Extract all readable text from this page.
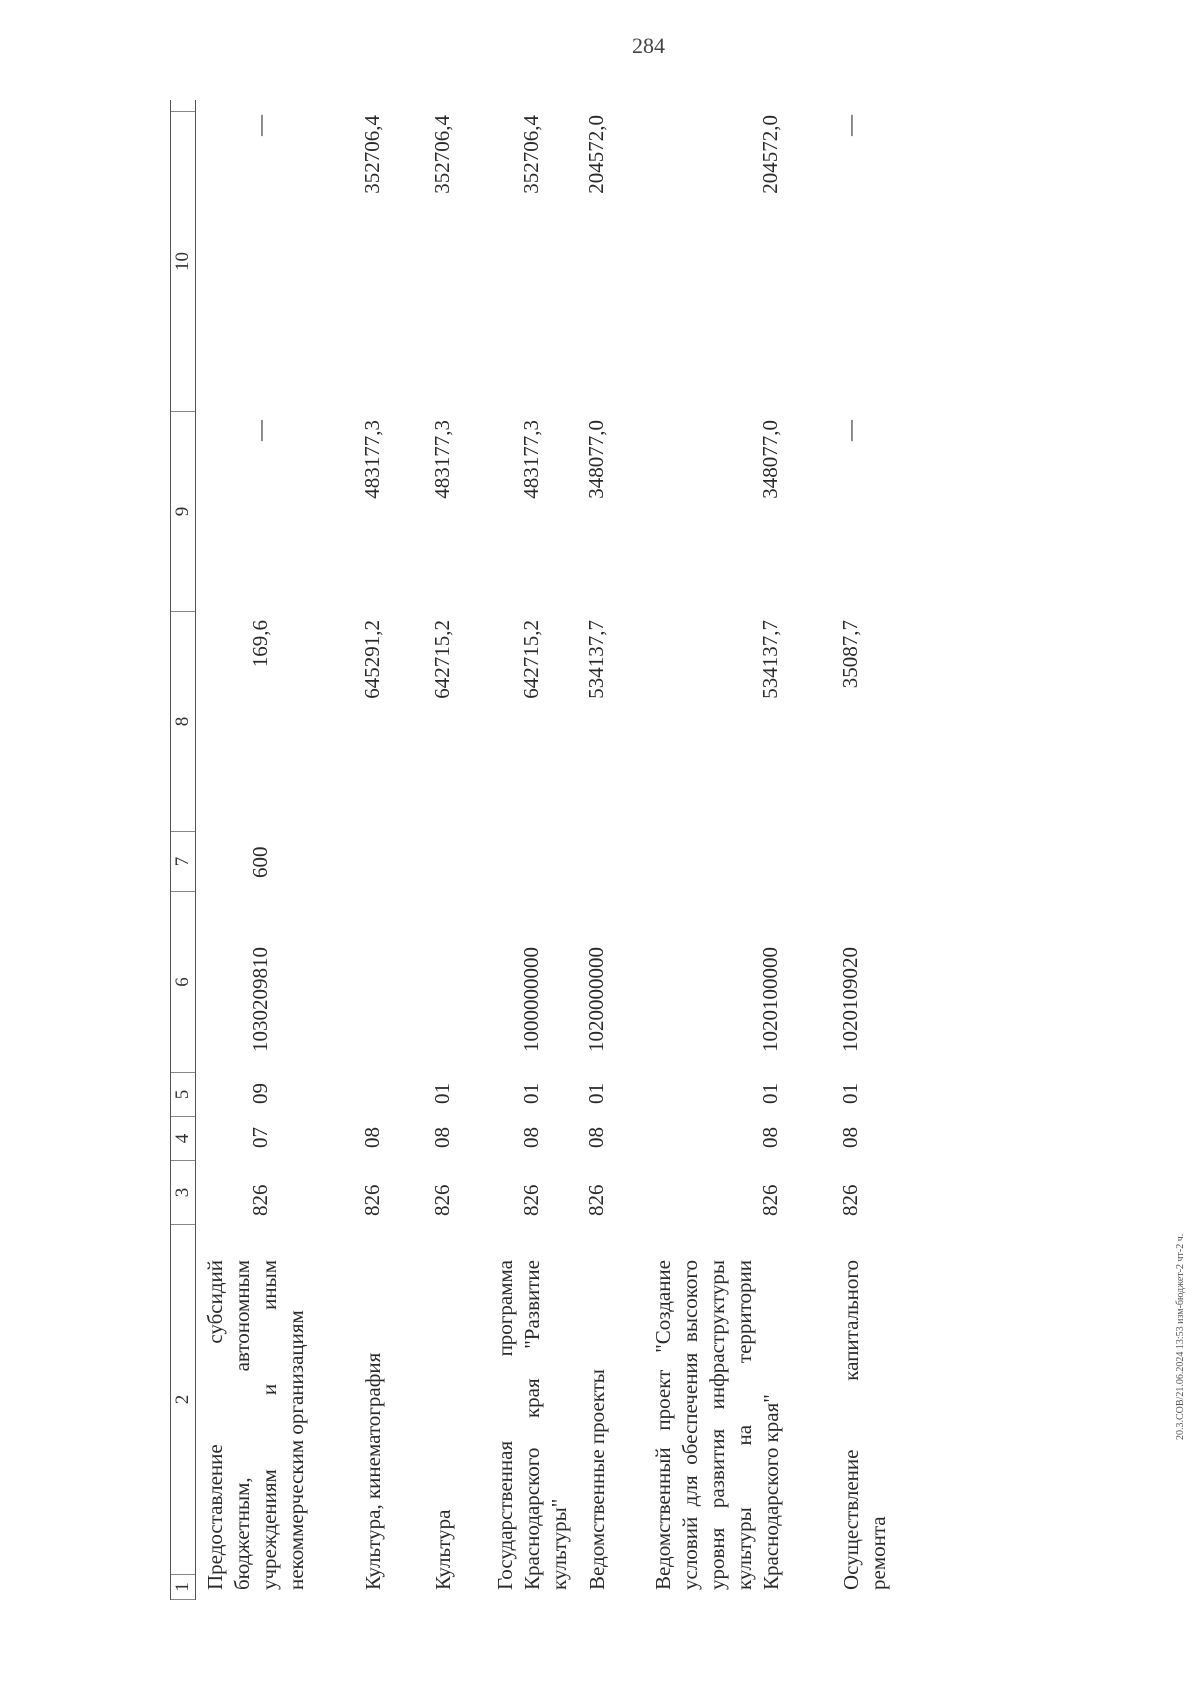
284
20.3.СОВ/21.06.2024 13:53 изм-бюджет-2 чт-2 ч.
1
2
3
4
5
6
7
8
9
10
Предоставление субсидий бюджетным, автономным учреждениям и иным некоммерческим организациям
826
07
09
1030209810
600
169,6
—
—
Культура, кинематография
826
08
645291,2
483177,3
352706,4
Культура
826
08
01
642715,2
483177,3
352706,4
Государственная программа Краснодарского края "Развитие культуры"
826
08
01
1000000000
642715,2
483177,3
352706,4
Ведомственные проекты
826
08
01
1020000000
534137,7
348077,0
204572,0
Ведомственный проект "Создание условий для обеспечения высокого уровня развития инфраструктуры культуры на территории Краснодарского края"
826
08
01
1020100000
534137,7
348077,0
204572,0
Осуществление капитального ремонта
826
08
01
1020109020
35087,7
—
—
